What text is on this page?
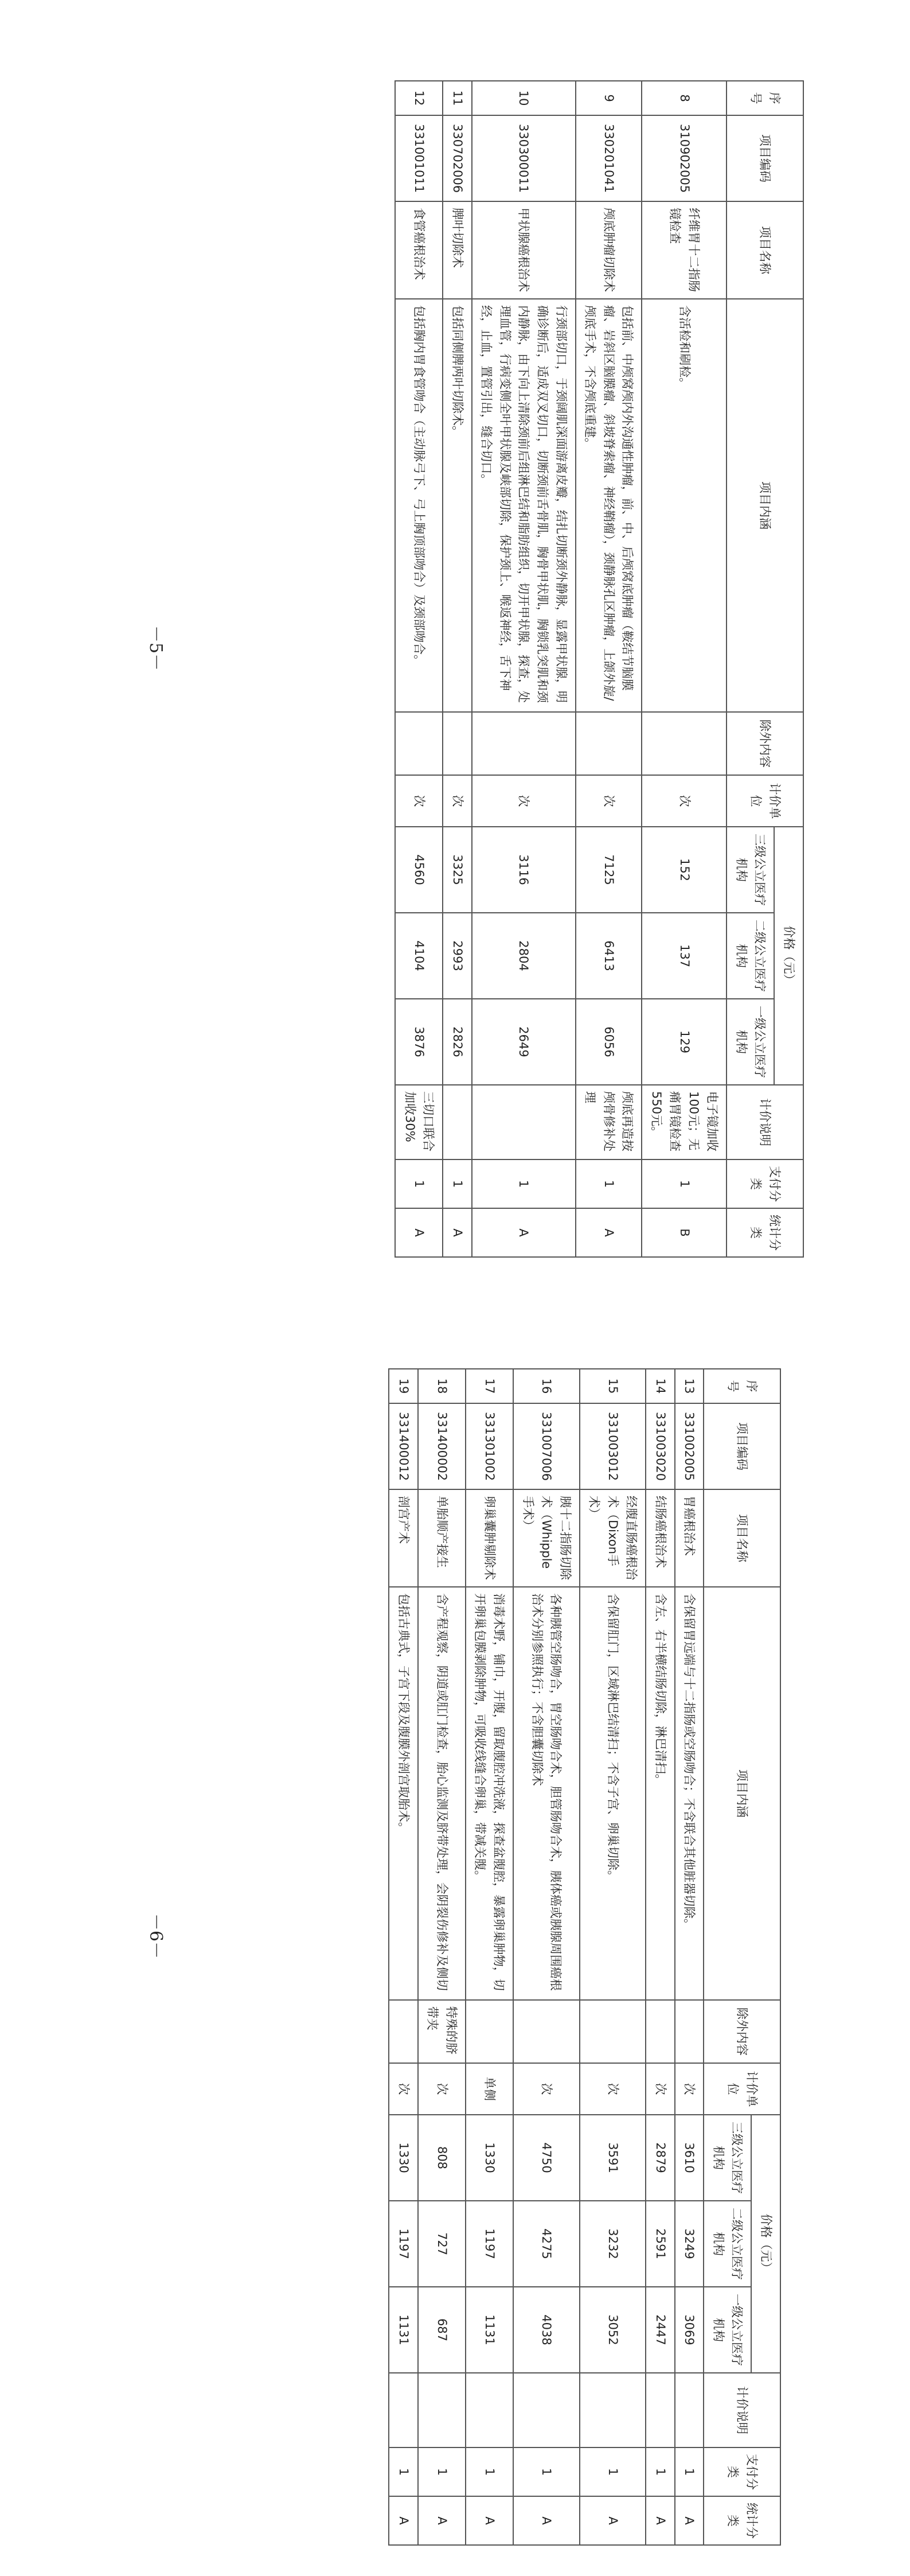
序号	项目编码	项目名称	项目内涵	除外内容	计价单位	价格（元）			计价说明	支付分类	统计分类
						三级公立医疗机构	二级公立医疗机构	一级公立医疗机构			
8	310902005	纤维胃十二指肠镜检查	含活检和刷检。		次	152	137	129	电子镜加收100元；无痛胃镜检查550元。	1	B
9	330201041	颅底肿瘤切除术	包括前、中颅窝颅内外沟通性肿瘤，前、中、后颅窝底肿瘤（鞍结节脑膜瘤、岩斜区脑膜瘤、斜坡脊索瘤、神经鞘瘤），颈静脉孔区肿瘤，上颌外旋/颅底手术，不含颅底重建。		次	7125	6413	6056	颅底再造按颅骨修补处理	1	A
10	330300011	甲状腺癌根治术	行颈部切口，于颈阔肌深面游离皮瓣，结扎切断颈外静脉，显露甲状腺，明确诊断后，适成双叉切口，切断颈前舌骨肌，胸骨甲状肌，胸锁乳突肌和颈内静脉，由下向上清除颈前后组淋巴结和脂肪组织，切开甲状腺，探查，处理血管，行病变侧全叶甲状腺及峡部切除，保护颈上、喉返神经，舌下神经，止血，置管引出，缝合切口。		次	3116	2804	2649		1	A
11	330702006	脾叶切除术	包括同侧脾两叶切除术。		次	3325	2993	2826		1	A
12	331001011	食管癌根治术	包括胸内胃食管吻合（主动脉弓下、弓上胸顶部吻合）及颈部吻合。		次	4560	4104	3876	三切口联合加收30%	1	A
－5－
序号	项目编码	项目名称	项目内涵	除外内容	计价单位	价格（元）			计价说明	支付分类	统计分类
						三级公立医疗机构	二级公立医疗机构	一级公立医疗机构			
13	331002005	胃癌根治术	含保留胃远端与十二指肠或空肠吻合；不含联合其他脏器切除。		次	3610	3249	3069		1	A
14	331003020	结肠癌根治术	含左、右半横结肠切除，淋巴清扫。		次	2879	2591	2447		1	A
15	331003012	经腹直肠癌根治术（Dixon手术）	含保留肛门，区域淋巴结清扫；不含子宫、卵巢切除。		次	3591	3232	3052		1	A
16	331007006	胰十二指肠切除术（Whipple手术）	各种胰管空肠吻合，胃空肠吻合术，胆管肠吻合术，胰体癌或胰腺周围癌根治术分别参照执行；不含胆囊切除术		次	4750	4275	4038		1	A
17	331301002	卵巢囊肿剔除术	消毒术野，铺巾，开腹，留取腹腔冲洗液，探查盆腹腔，暴露卵巢肿物，切开卵巢包膜剥除肿物，可吸收线缝合卵巢，带减关腹。		单侧	1330	1197	1131		1	A
18	331400002	单胎顺产接生	含产程观察，阴道或肛门检查，胎心监测及脐带处理，会阴裂伤修补及侧切	特殊的脐带夹	次	808	727	687		1	A
19	331400012	剖宫产术	包括古典式，子宫下段及腹膜外剖宫取胎术。		次	1330	1197	1131		1	A
－6－
